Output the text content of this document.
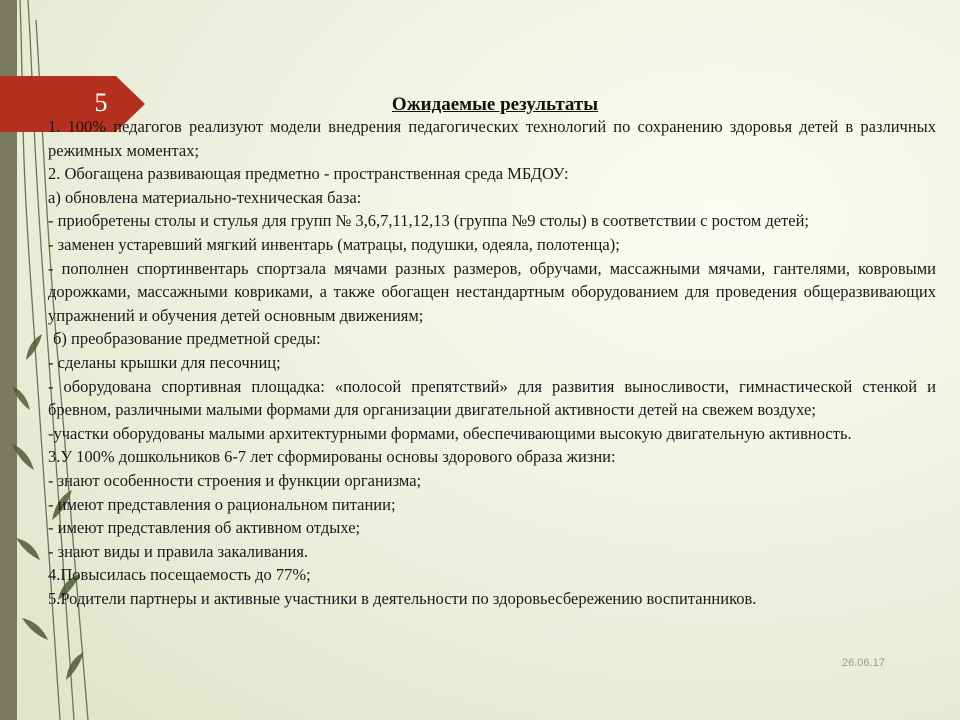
5	Ожидаемые результаты

1. 100% педагогов реализуют модели внедрения педагогических технологий по сохранению здоровья детей в различных режимных моментах;

2. Обогащена развивающая предметно - пространственная среда МБДОУ:

а) обновлена материально-техническая база:

- приобретены столы и стулья для групп № 3,6,7,11,12,13 (группа №9 столы) в соответствии с ростом детей;

- заменен устаревший мягкий инвентарь (матрацы, подушки, одеяла, полотенца);

- пополнен спортинвентарь спортзала мячами разных размеров, обручами, массажными мячами, гантелями, ковровыми дорожками, массажными ковриками, а также обогащен нестандартным оборудованием для проведения общеразвивающих упражнений и обучения детей основным движениям;

б) преобразование предметной среды:

- сделаны крышки для песочниц;

- оборудована спортивная площадка: «полосой препятствий» для развития выносливости, гимнастической стенкой и бревном, различными малыми формами для организации двигательной активности детей на свежем воздухе;

-участки оборудованы малыми архитектурными формами, обеспечивающими высокую двигательную активность.

3.У 100% дошкольников 6-7 лет сформированы основы здорового образа жизни:

- знают особенности строения и функции организма;

- имеют представления о рациональном питании;

- имеют представления об активном отдыхе;

- знают виды и правила закаливания.

4.Повысилась посещаемость до 77%;

5.Родители партнеры и активные участники в деятельности по здоровьесбережению воспитанников.

26.06.17
